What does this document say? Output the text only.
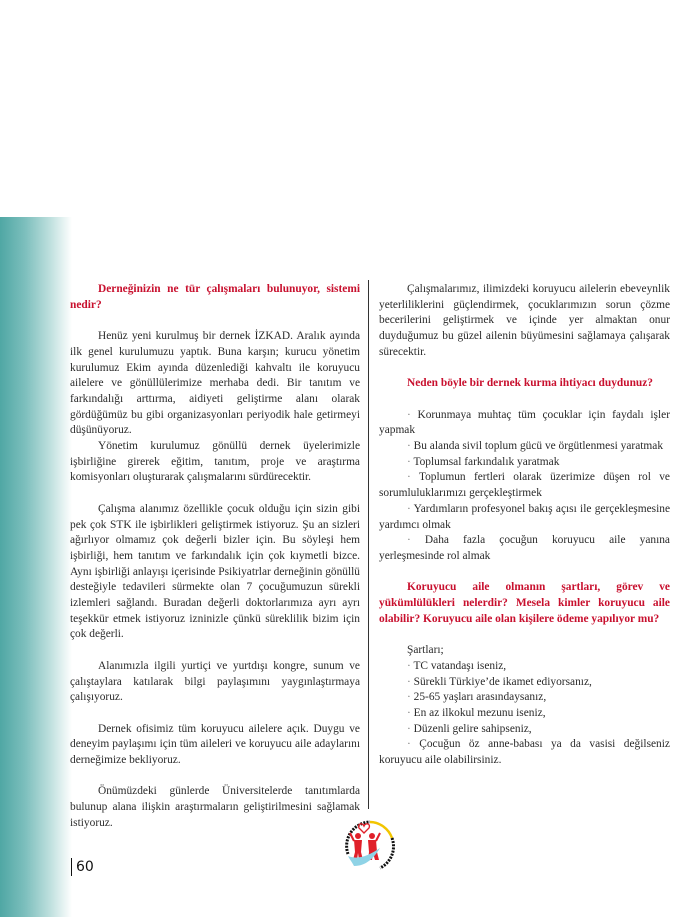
Derneğinizin ne tür çalışmaları bulunuyor, sistemi nedir?

Henüz yeni kurulmuş bir dernek İZKAD. Aralık ayında ilk genel kurulumuzu yaptık. Buna karşın; kurucu yönetim kurulumuz Ekim ayında düzenlediği kahvaltı ile koruyucu ailelere ve gönüllülerimize merhaba dedi. Bir tanıtım ve farkındalığı arttırma, aidiyeti geliştirme alanı olarak gördüğümüz bu gibi organizasyonları periyodik hale getirmeyi düşünüyoruz.

Yönetim kurulumuz gönüllü dernek üyelerimizle işbirliğine girerek eğitim, tanıtım, proje ve araştırma komisyonları oluşturarak çalışmalarını sürdürecektir.

Çalışma alanımız özellikle çocuk olduğu için sizin gibi pek çok STK ile işbirlikleri geliştirmek istiyoruz. Şu an sizleri ağırlıyor olmamız çok değerli bizler için. Bu söyleşi hem işbirliği, hem tanıtım ve farkındalık için çok kıymetli bizce. Aynı işbirliği anlayışı içerisinde Psikiyatrlar derneğinin gönüllü desteğiyle tedavileri sürmekte olan 7 çocuğumuzun sürekli izlemleri sağlandı. Buradan değerli doktorlarımıza ayrı ayrı teşekkür etmek istiyoruz izninizle çünkü süreklilik bizim için çok değerli.

Alanımızla ilgili yurtiçi ve yurtdışı kongre, sunum ve çalıştaylara katılarak bilgi paylaşımını yaygınlaştırmaya çalışıyoruz.

Dernek ofisimiz tüm koruyucu ailelere açık. Duygu ve deneyim paylaşımı için tüm aileleri ve koruyucu aile adaylarını derneğimize bekliyoruz.

Önümüzdeki günlerde Üniversitelerde tanıtımlarda bulunup alana ilişkin araştırmaların geliştirilmesini sağlamak istiyoruz.

Çalışmalarımız, ilimizdeki koruyucu ailelerin ebeveynlik yeterliliklerini güçlendirmek, çocuklarımızın sorun çözme becerilerini geliştirmek ve içinde yer almaktan onur duyduğumuz bu güzel ailenin büyümesini sağlamaya çalışarak sürecektir.

Neden böyle bir dernek kurma ihtiyacı duydunuz?

· Korunmaya muhtaç tüm çocuklar için faydalı işler yapmak

· Bu alanda sivil toplum gücü ve örgütlenmesi yaratmak

· Toplumsal farkındalık yaratmak

· Toplumun fertleri olarak üzerimize düşen rol ve sorumluluklarımızı gerçekleştirmek

· Yardımların profesyonel bakış açısı ile gerçekleşmesine yardımcı olmak

· Daha fazla çocuğun koruyucu aile yanına yerleşmesinde rol almak

Koruyucu aile olmanın şartları, görev ve yükümlülükleri nelerdir? Mesela kimler koruyucu aile olabilir? Koruyucu aile olan kişilere ödeme yapılıyor mu?

Şartları;

· TC vatandaşı iseniz,

· Sürekli Türkiye’de ikamet ediyorsanız,

· 25-65 yaşları arasındaysanız,

· En az ilkokul mezunu iseniz,

· Düzenli gelire sahipseniz,

· Çocuğun öz anne-babası ya da vasisi değilseniz koruyucu aile olabilirsiniz.

60
